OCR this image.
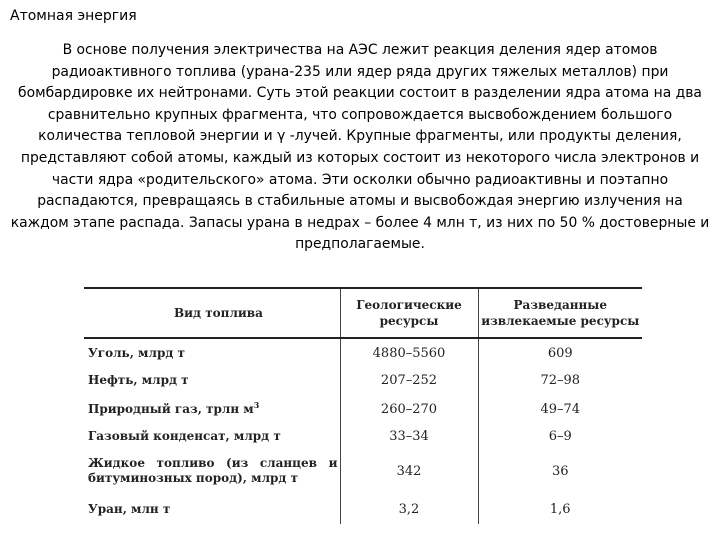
Атомная энергия

В основе получения электричества на АЭС лежит реакция деления ядер атомов радиоактивного топлива (урана-235 или ядер ряда других тяжелых металлов) при бомбардировке их нейтронами. Суть этой реакции состоит в разделении ядра атома на два сравнительно крупных фрагмента, что сопровождается высвобождением большого количества тепловой энергии и γ -лучей. Крупные фрагменты, или продукты деления, представляют собой атомы, каждый из которых состоит из некоторого числа электронов и части ядра «родительского» атома. Эти осколки обычно радиоактивны и поэтапно распадаются, превращаясь в стабильные атомы и высвобождая энергию излучения на каждом этапе распада. Запасы урана в недрах – более 4 млн т, из них по 50 % достоверные и предполагаемые.

Вид топлива	Геологические ресурсы	Разведанные извлекаемые ресурсы
Уголь, млрд т	4880–5560	609
Нефть, млрд т	207–252	72–98
Природный газ, трлн $м^3$	260–270	49–74
Газовый конденсат, млрд т	33–34	6–9
Жидкое топливо (из сланцев и битуминозных пород), млрд т	342	36
Уран, млн т	3,2	1,6
